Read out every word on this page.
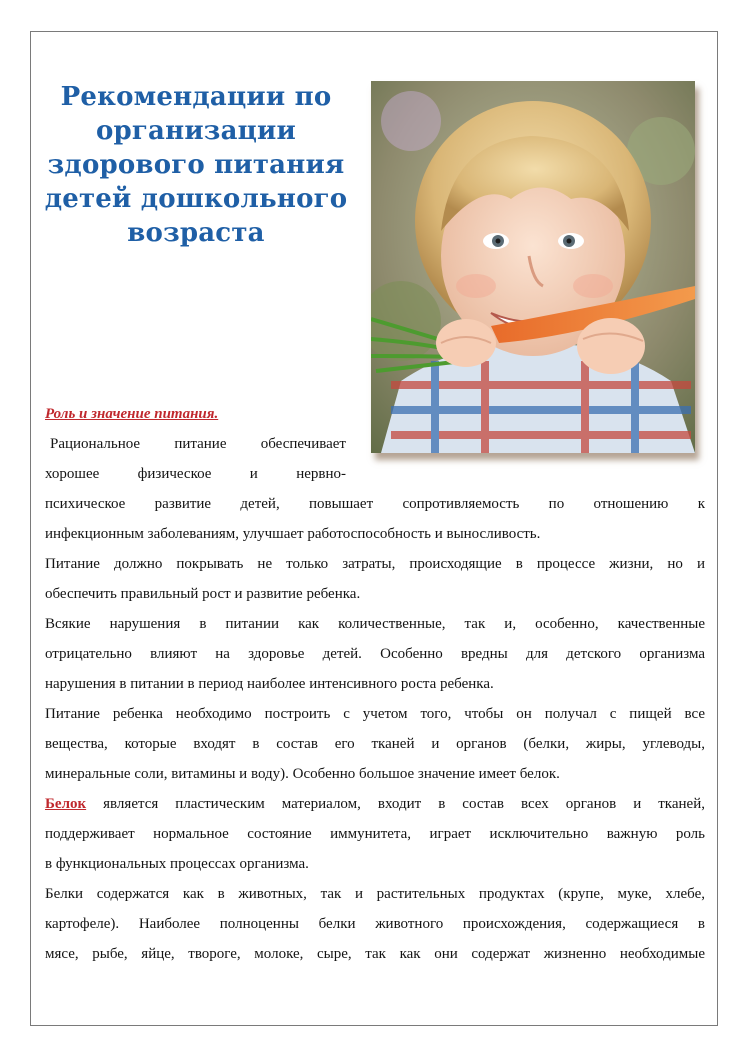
Рекомендации по организации здорового питания детей дошкольного возраста

Роль и значение питания.

Рациональное питание обеспечивает
хорошее физическое и нервно-
психическое развитие детей, повышает сопротивляемость по отношению к
инфекционным заболеваниям, улучшает работоспособность и выносливость.
Питание должно покрывать не только затраты, происходящие в процессе жизни, но и
обеспечить правильный рост и развитие ребенка.
Всякие нарушения в питании как количественные, так и, особенно, качественные
отрицательно влияют на здоровье детей. Особенно вредны для детского организма
нарушения в питании в период наиболее интенсивного роста ребенка.
Питание ребенка необходимо построить с учетом того, чтобы он получал с пищей все
вещества, которые входят в состав его тканей и органов (белки, жиры, углеводы,
минеральные соли, витамины и воду). Особенно большое значение имеет белок.
Белок является пластическим материалом, входит в состав всех органов и тканей,
поддерживает нормальное состояние иммунитета, играет исключительно важную роль
в функциональных процессах организма.
Белки содержатся как в животных, так и растительных продуктах (крупе, муке, хлебе,
картофеле). Наиболее полноценны белки животного происхождения, содержащиеся в
мясе, рыбе, яйце, твороге, молоке, сыре, так как они содержат жизненно необходимые
